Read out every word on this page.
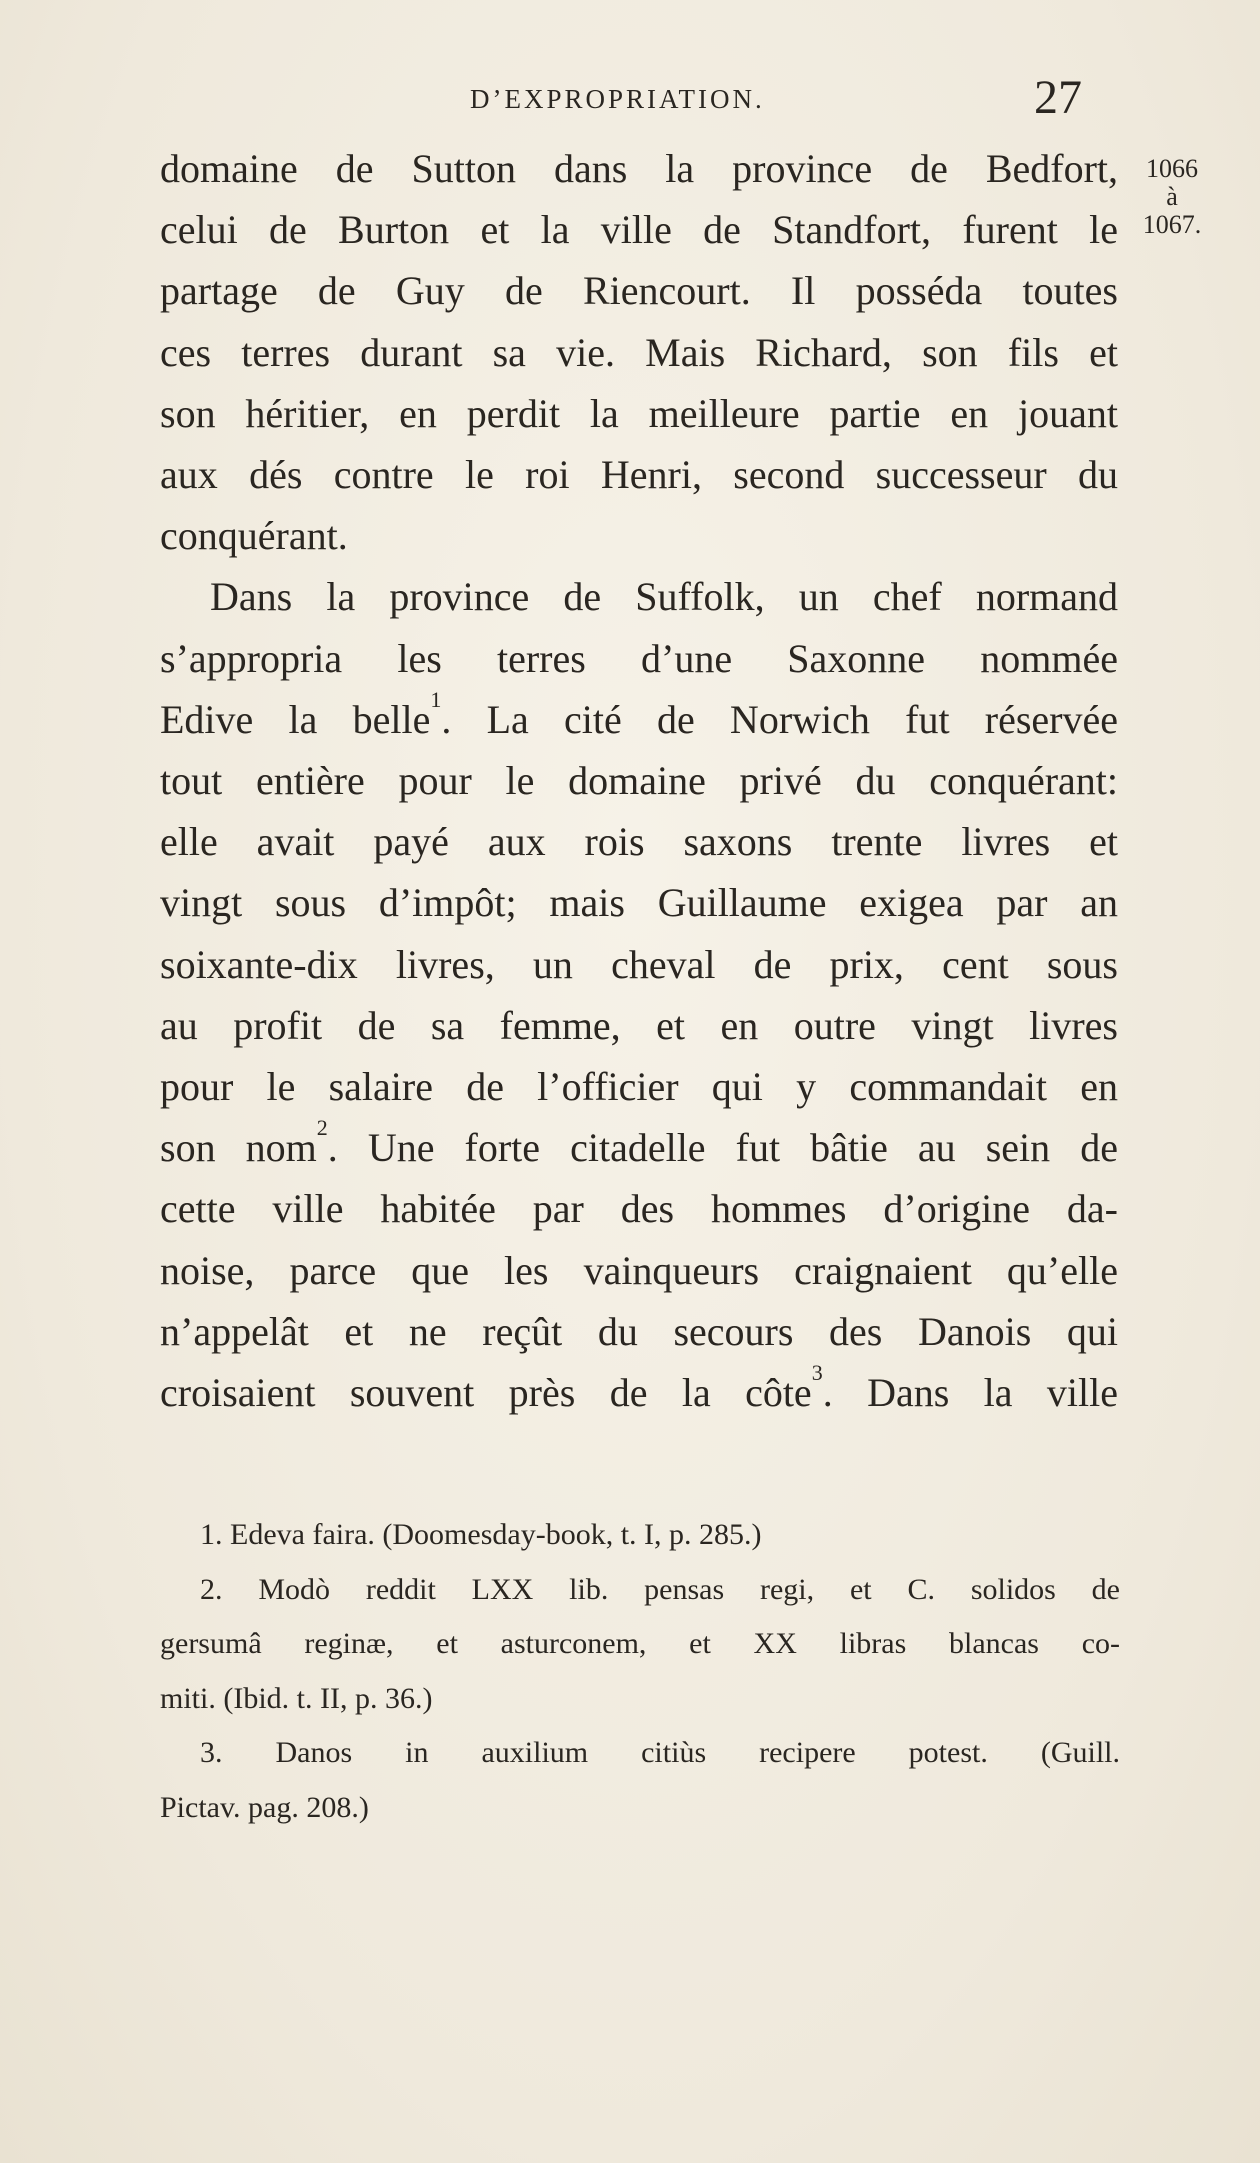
D’EXPROPRIATION.	27
1066
à
1067.
domaine de Sutton dans la province de Bedfort,
celui de Burton et la ville de Standfort, furent le
partage de Guy de Riencourt. Il posséda toutes
ces terres durant sa vie. Mais Richard, son fils et
son héritier, en perdit la meilleure partie en jouant
aux dés contre le roi Henri, second successeur du
conquérant.
Dans la province de Suffolk, un chef normand
s’appropria les terres d’une Saxonne nommée
Edive la belle$^1$. La cité de Norwich fut réservée
tout entière pour le domaine privé du conquérant:
elle avait payé aux rois saxons trente livres et
vingt sous d’impôt; mais Guillaume exigea par an
soixante-dix livres, un cheval de prix, cent sous
au profit de sa femme, et en outre vingt livres
pour le salaire de l’officier qui y commandait en
son nom$^2$. Une forte citadelle fut bâtie au sein de
cette ville habitée par des hommes d’origine da-
noise, parce que les vainqueurs craignaient qu’elle
n’appelât et ne reçût du secours des Danois qui
croisaient souvent près de la côte$^3$. Dans la ville
1. Edeva faira. (Doomesday-book, t. I, p. 285.)
2. Modò reddit LXX lib. pensas regi, et C. solidos de
gersumâ reginæ, et asturconem, et XX libras blancas co-
miti. (Ibid. t. II, p. 36.)
3. Danos in auxilium citiùs recipere potest. (Guill.
Pictav. pag. 208.)
